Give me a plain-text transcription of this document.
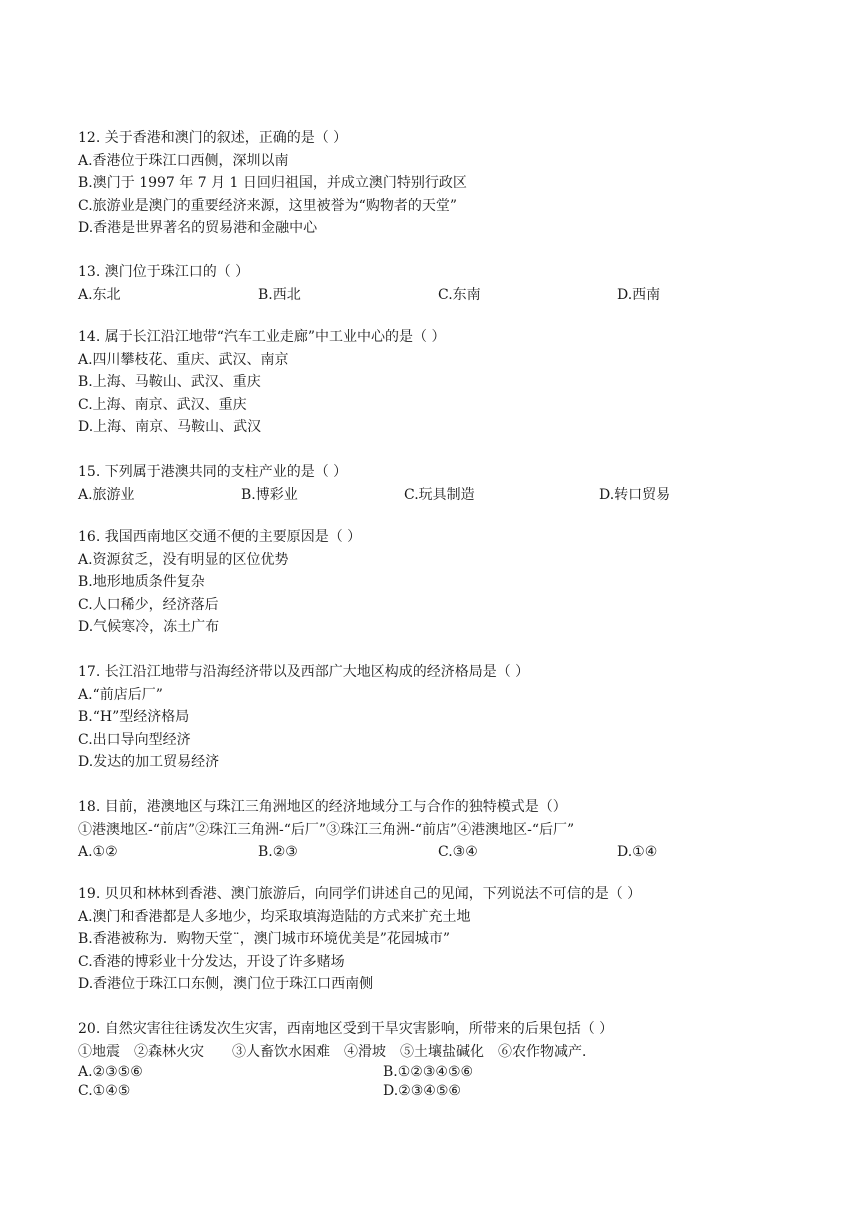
12. 关于香港和澳门的叙述，正确的是（ ）
A.香港位于珠江口西侧，深圳以南
B.澳门于 1997 年 7 月 1 日回归祖国，并成立澳门特别行政区
C.旅游业是澳门的重要经济来源，这里被誉为“购物者的天堂”
D.香港是世界著名的贸易港和金融中心
13. 澳门位于珠江口的（ ）
A.东北	B.西北	C.东南	D.西南
14. 属于长江沿江地带“汽车工业走廊”中工业中心的是（ ）
A.四川攀枝花、重庆、武汉、南京
B.上海、马鞍山、武汉、重庆
C.上海、南京、武汉、重庆
D.上海、南京、马鞍山、武汉
15. 下列属于港澳共同的支柱产业的是（ ）
A.旅游业	B.博彩业	C.玩具制造	D.转口贸易
16. 我国西南地区交通不便的主要原因是（ ）
A.资源贫乏，没有明显的区位优势
B.地形地质条件复杂
C.人口稀少，经济落后
D.气候寒冷，冻土广布
17. 长江沿江地带与沿海经济带以及西部广大地区构成的经济格局是（ ）
A.“前店后厂”
B.“H”型经济格局
C.出口导向型经济
D.发达的加工贸易经济
18. 目前，港澳地区与珠江三角洲地区的经济地域分工与合作的独特模式是（）
①港澳地区-“前店”②珠江三角洲-“后厂”③珠江三角洲-“前店”④港澳地区-“后厂”
A.①②	B.②③	C.③④	D.①④
19. 贝贝和林林到香港、澳门旅游后，向同学们讲述自己的见闻，下列说法不可信的是（ ）
A.澳门和香港都是人多地少，均采取填海造陆的方式来扩充土地
B.香港被称为．购物天堂¨，澳门城市环境优美是”花园城市”
C.香港的博彩业十分发达，开设了许多赌场
D.香港位于珠江口东侧，澳门位于珠江口西南侧
20. 自然灾害往往诱发次生灾害，西南地区受到干旱灾害影响，所带来的后果包括（ ）
①地震　②森林火灾　　③人畜饮水困难　④滑坡　⑤土壤盐碱化　⑥农作物减产．
A.②③⑤⑥	B.①②③④⑤⑥
C.①④⑤	D.②③④⑤⑥
